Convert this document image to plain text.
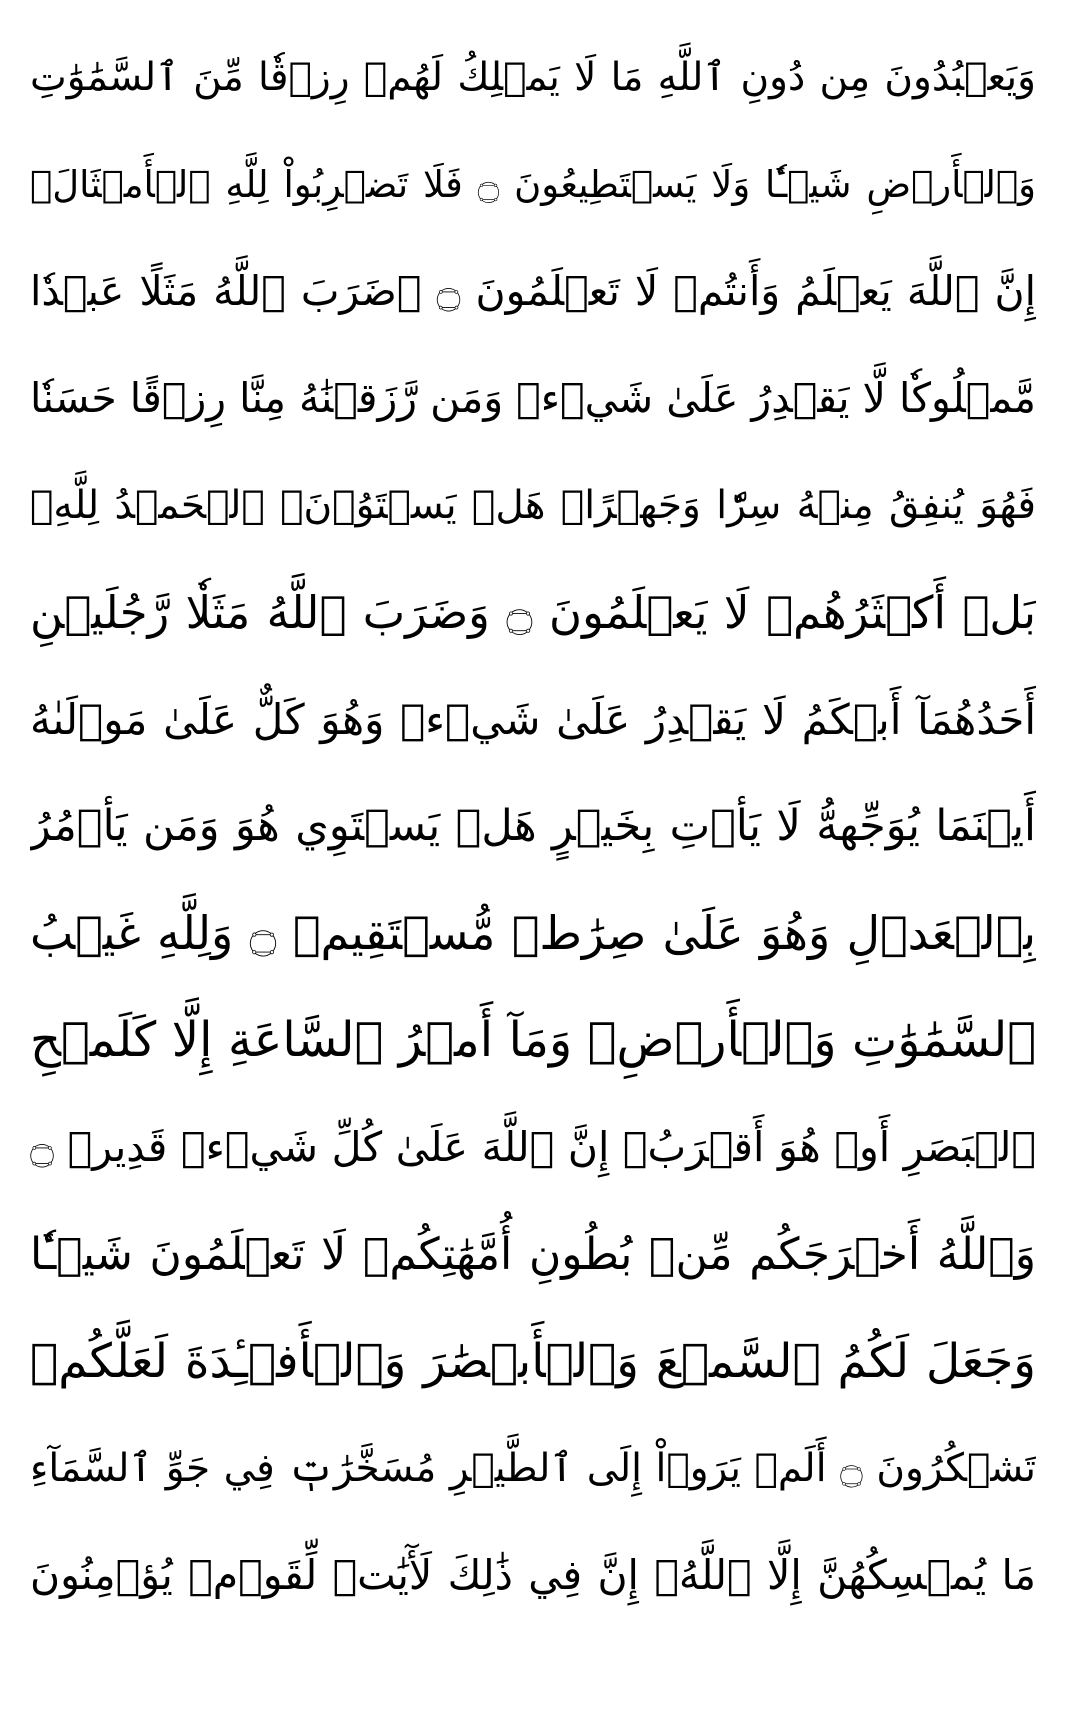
وَيَعۡبُدُونَ مِن دُونِ ٱللَّهِ مَا لَا يَمۡلِكُ لَهُمۡ رِزۡقٗا مِّنَ ٱلسَّمَٰوَٰتِ
وَٱلۡأَرۡضِ شَيۡـٔٗا وَلَا يَسۡتَطِيعُونَ ۝ فَلَا تَضۡرِبُواْ لِلَّهِ ٱلۡأَمۡثَالَۚ
إِنَّ ٱللَّهَ يَعۡلَمُ وَأَنتُمۡ لَا تَعۡلَمُونَ ۝ ۞ضَرَبَ ٱللَّهُ مَثَلًا عَبۡدٗا
مَّمۡلُوكٗا لَّا يَقۡدِرُ عَلَىٰ شَيۡءٖ وَمَن رَّزَقۡنَٰهُ مِنَّا رِزۡقًا حَسَنٗا
فَهُوَ يُنفِقُ مِنۡهُ سِرّٗا وَجَهۡرًاۖ هَلۡ يَسۡتَوُۥنَۚ ٱلۡحَمۡدُ لِلَّهِۚ
بَلۡ أَكۡثَرُهُمۡ لَا يَعۡلَمُونَ ۝ وَضَرَبَ ٱللَّهُ مَثَلٗا رَّجُلَيۡنِ
أَحَدُهُمَآ أَبۡكَمُ لَا يَقۡدِرُ عَلَىٰ شَيۡءٖ وَهُوَ كَلٌّ عَلَىٰ مَوۡلَىٰهُ
أَيۡنَمَا يُوَجِّههُّ لَا يَأۡتِ بِخَيۡرٍ هَلۡ يَسۡتَوِي هُوَ وَمَن يَأۡمُرُ
بِٱلۡعَدۡلِ وَهُوَ عَلَىٰ صِرَٰطٖ مُّسۡتَقِيمٖ ۝ وَلِلَّهِ غَيۡبُ
ٱلسَّمَٰوَٰتِ وَٱلۡأَرۡضِۚ وَمَآ أَمۡرُ ٱلسَّاعَةِ إِلَّا كَلَمۡحِ
ٱلۡبَصَرِ أَوۡ هُوَ أَقۡرَبُۚ إِنَّ ٱللَّهَ عَلَىٰ كُلِّ شَيۡءٖ قَدِيرٞ ۝
وَٱللَّهُ أَخۡرَجَكُم مِّنۢ بُطُونِ أُمَّهَٰتِكُمۡ لَا تَعۡلَمُونَ شَيۡـٔٗا
وَجَعَلَ لَكُمُ ٱلسَّمۡعَ وَٱلۡأَبۡصَٰرَ وَٱلۡأَفۡـِٔدَةَ لَعَلَّكُمۡ
تَشۡكُرُونَ ۝ أَلَمۡ يَرَوۡاْ إِلَى ٱلطَّيۡرِ مُسَخَّرَٰتٖ فِي جَوِّ ٱلسَّمَآءِ
مَا يُمۡسِكُهُنَّ إِلَّا ٱللَّهُۚ إِنَّ فِي ذَٰلِكَ لَأٓيَٰتٖ لِّقَوۡمٖ يُؤۡمِنُونَ
